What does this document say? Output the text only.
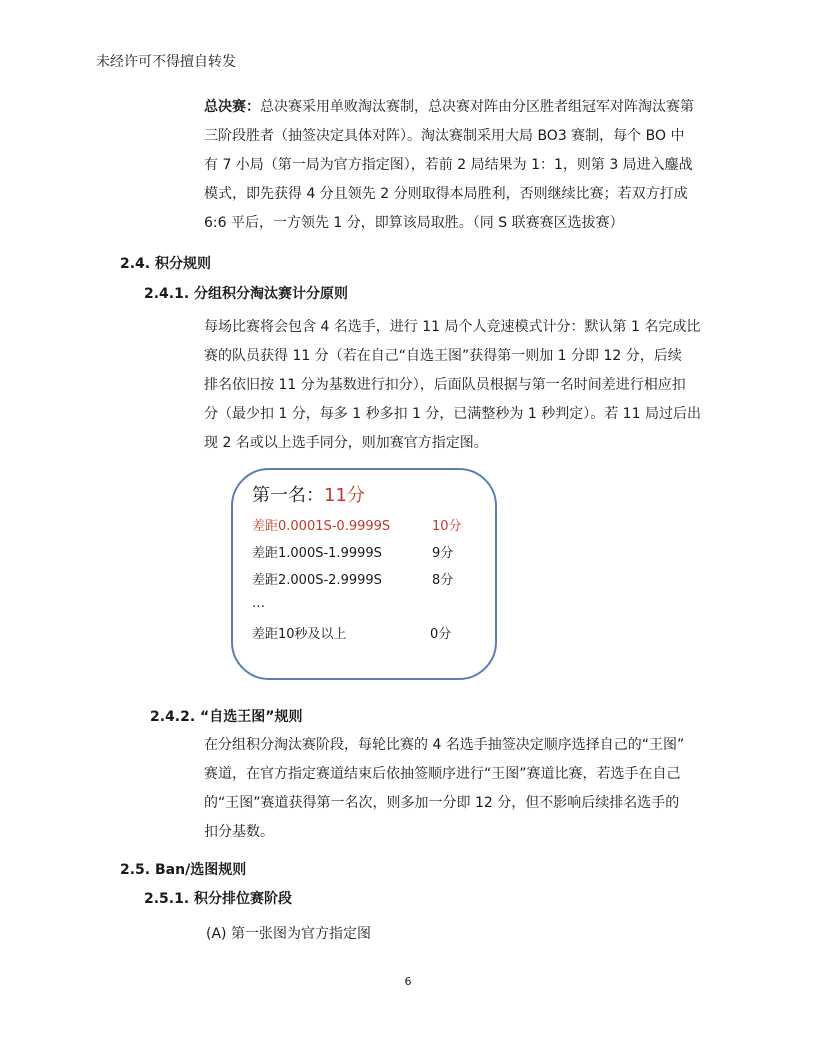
未经许可不得擅自转发
总决赛：总决赛采用单败淘汰赛制，总决赛对阵由分区胜者组冠军对阵淘汰赛第
三阶段胜者（抽签决定具体对阵）。淘汰赛制采用大局 BO3 赛制，每个 BO 中
有 7 小局（第一局为官方指定图），若前 2 局结果为 1：1，则第 3 局进入鏖战
模式，即先获得 4 分且领先 2 分则取得本局胜利，否则继续比赛；若双方打成
6:6 平后，一方领先 1 分，即算该局取胜。（同 S 联赛赛区选拔赛）
2.4. 积分规则
2.4.1. 分组积分淘汰赛计分原则
每场比赛将会包含 4 名选手，进行 11 局个人竞速模式计分：默认第 1 名完成比
赛的队员获得 11 分（若在自己“自选王图”获得第一则加 1 分即 12 分，后续
排名依旧按 11 分为基数进行扣分），后面队员根据与第一名时间差进行相应扣
分（最少扣 1 分，每多 1 秒多扣 1 分，已满整秒为 1 秒判定）。若 11 局过后出
现 2 名或以上选手同分，则加赛官方指定图。
第一名：11分
差距0.0001S-0.9999S	10分
差距1.000S-1.9999S	9分
差距2.000S-2.9999S	8分
…
差距10秒及以上	0分
2.4.2. “自选王图”规则
在分组积分淘汰赛阶段，每轮比赛的 4 名选手抽签决定顺序选择自己的“王图”
赛道，在官方指定赛道结束后依抽签顺序进行“王图”赛道比赛，若选手在自己
的“王图”赛道获得第一名次，则多加一分即 12 分，但不影响后续排名选手的
扣分基数。
2.5. Ban/选图规则
2.5.1. 积分排位赛阶段
(A) 第一张图为官方指定图
6
